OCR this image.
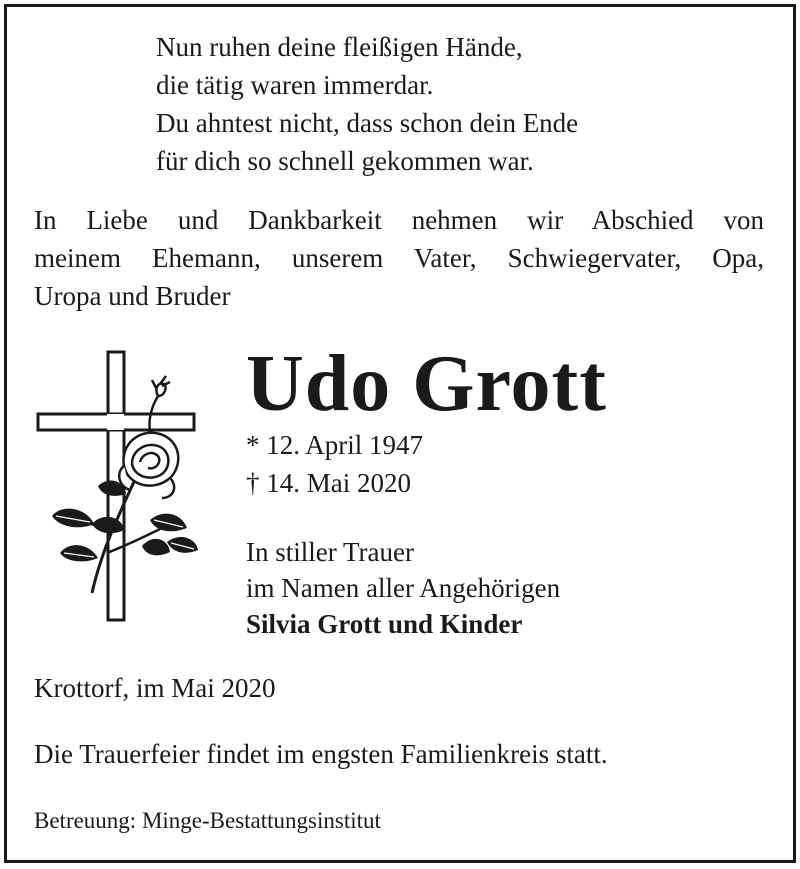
Nun ruhen deine fleißigen Hände,
die tätig waren immerdar.
Du ahntest nicht, dass schon dein Ende
für dich so schnell gekommen war.
In Liebe und Dankbarkeit nehmen wir Abschied von
meinem Ehemann, unserem Vater, Schwiegervater, Opa,
Uropa und Bruder
Udo Grott
* 12. April 1947
† 14. Mai 2020
In stiller Trauer
im Namen aller Angehörigen
Silvia Grott und Kinder
Krottorf, im Mai 2020
Die Trauerfeier findet im engsten Familienkreis statt.
Betreuung: Minge-Bestattungsinstitut
